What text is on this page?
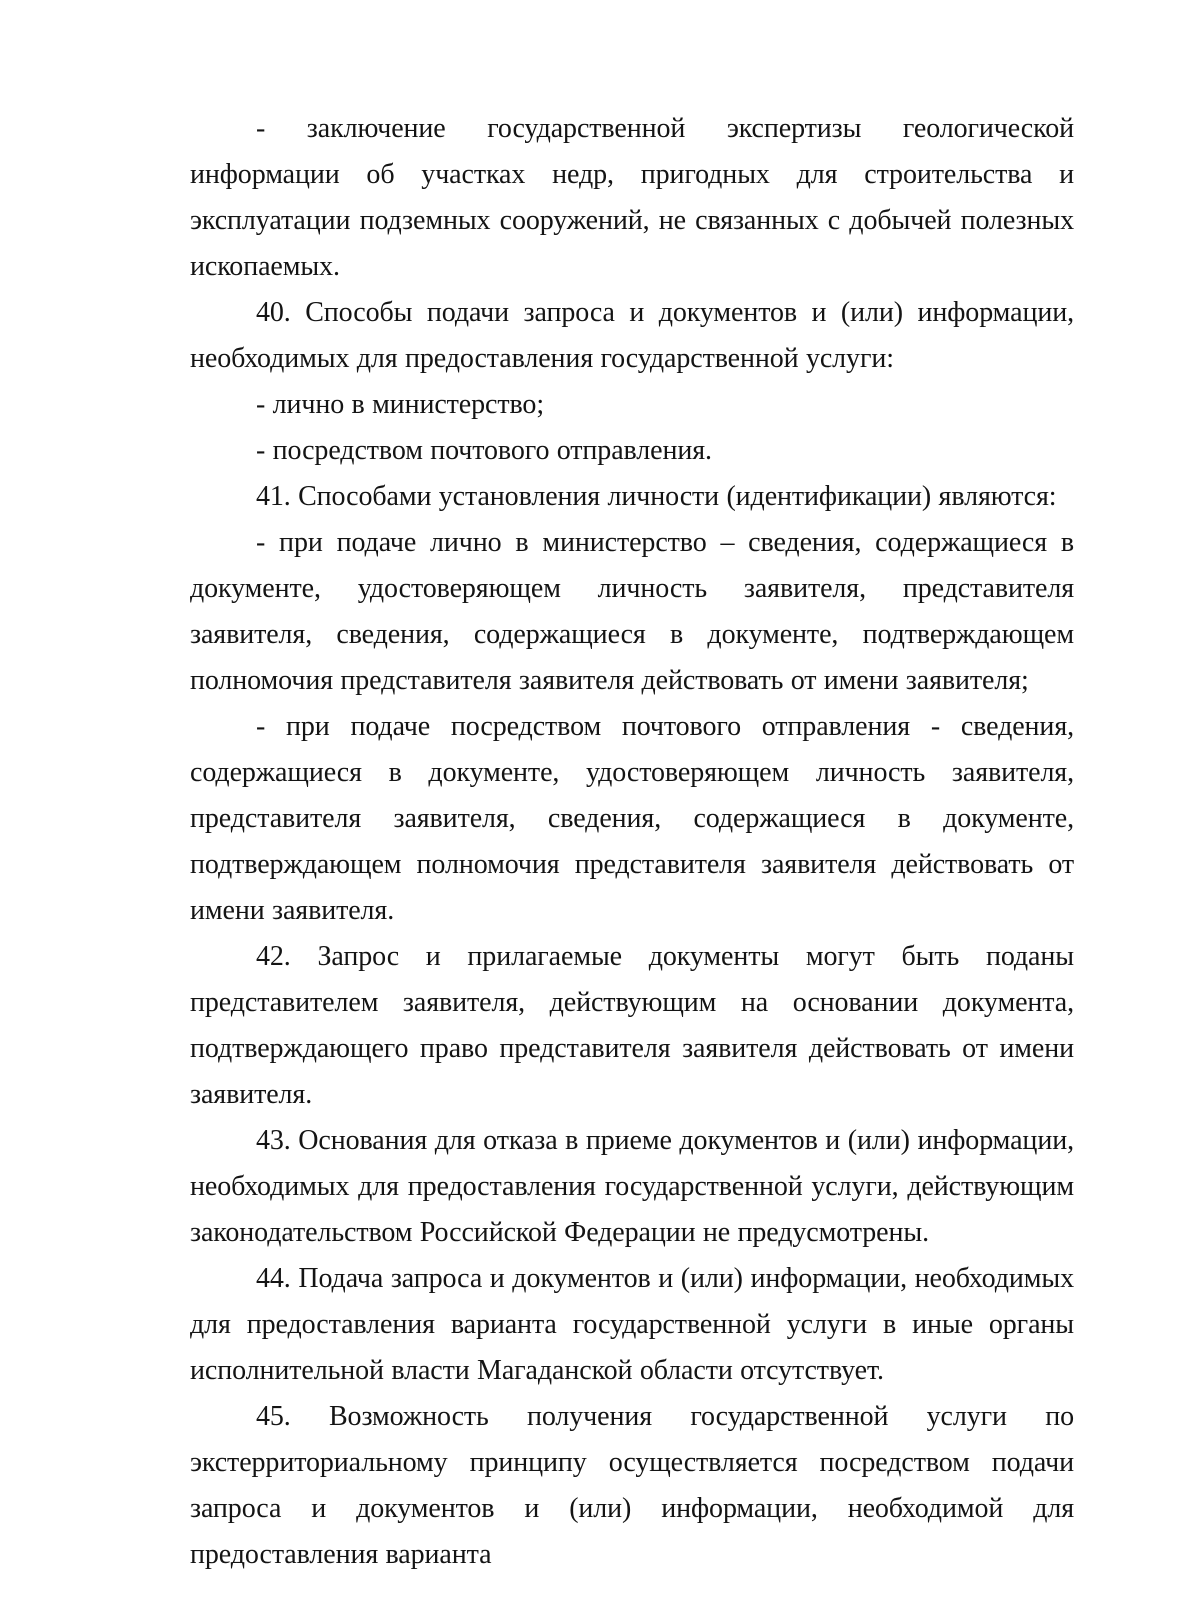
- заключение государственной экспертизы геологической информации об участках недр, пригодных для строительства и эксплуатации подземных сооружений, не связанных с добычей полезных ископаемых.

40. Способы подачи запроса и документов и (или) информации, необходимых для предоставления государственной услуги:

- лично в министерство;

- посредством почтового отправления.

41. Способами установления личности (идентификации) являются:

- при подаче лично в министерство – сведения, содержащиеся в документе, удостоверяющем личность заявителя, представителя заявителя, сведения, содержащиеся в документе, подтверждающем полномочия представителя заявителя действовать от имени заявителя;

- при подаче посредством почтового отправления - сведения, содержащиеся в документе, удостоверяющем личность заявителя, представителя заявителя, сведения, содержащиеся в документе, подтверждающем полномочия представителя заявителя действовать от имени заявителя.

42. Запрос и прилагаемые документы могут быть поданы представителем заявителя, действующим на основании документа, подтверждающего право представителя заявителя действовать от имени заявителя.

43. Основания для отказа в приеме документов и (или) информации, необходимых для предоставления государственной услуги, действующим законодательством Российской Федерации не предусмотрены.

44. Подача запроса и документов и (или) информации, необходимых для предоставления варианта государственной услуги в иные органы исполнительной власти Магаданской области отсутствует.

45. Возможность получения государственной услуги по экстерриториальному принципу осуществляется посредством подачи запроса и документов и (или) информации, необходимой для предоставления варианта
